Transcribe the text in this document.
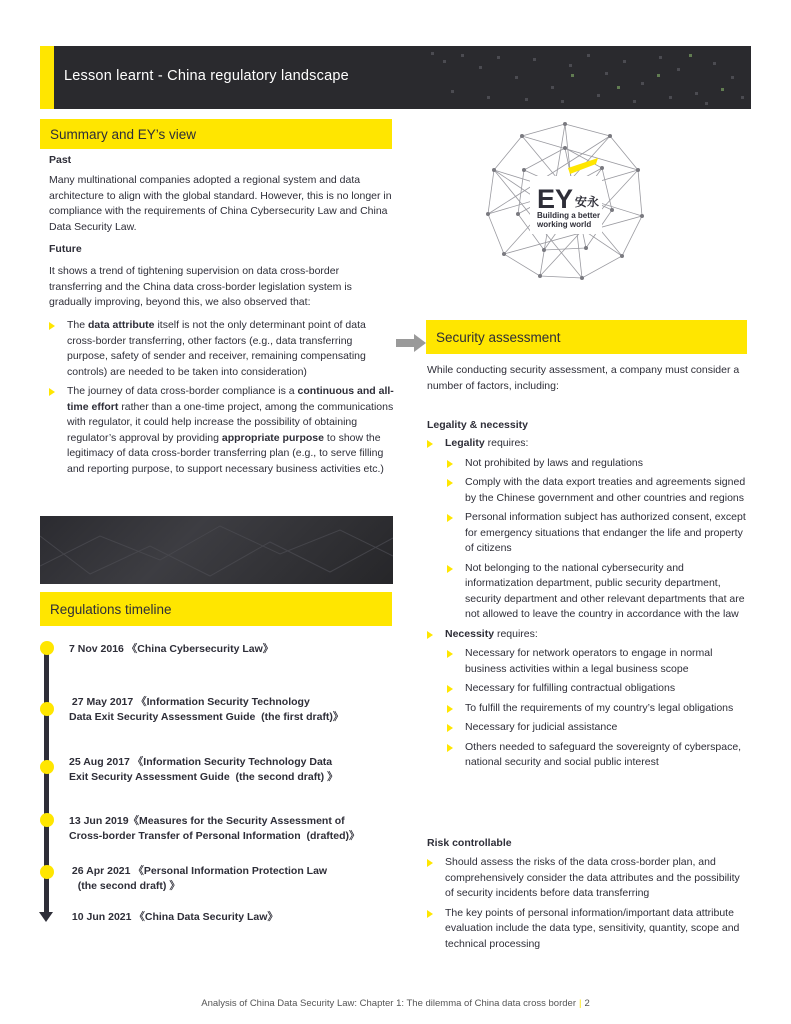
Lesson learnt - China regulatory landscape
Summary and EY’s view
Past
Many multinational companies adopted a regional system and data architecture to align with the global standard. However, this is no longer in compliance with the requirements of China Cybersecurity Law and China Data Security Law.
Future
It shows a trend of tightening supervision on data cross-border transferring and the China data cross-border legislation system is gradually improving, beyond this, we also observed that:
The data attribute itself is not the only determinant point of data cross-border transferring, other factors (e.g., data transferring purpose, safety of sender and receiver, remaining compensating controls) are needed to be taken into consideration)
The journey of data cross-border compliance is a continuous and all-time effort rather than a one-time project, among the communications with regulator, it could help increase the possibility of obtaining regulator’s approval by providing appropriate purpose to show the legitimacy of data cross-border transferring plan (e.g., to serve filling and reporting purpose, to support necessary business activities etc.)
Regulations timeline
7 Nov 2016 《China Cybersecurity Law》
27 May 2017 《Information Security Technology
Data Exit Security Assessment Guide  (the first draft)》
25 Aug 2017 《Information Security Technology Data
Exit Security Assessment Guide  (the second draft) 》
13 Jun 2019《Measures for the Security Assessment of
Cross-border Transfer of Personal Information  (drafted)》
26 Apr 2021 《Personal Information Protection Law
(the second draft) 》
10 Jun 2021 《China Data Security Law》
EY 安永
Building a better
working world
Security assessment
While conducting security assessment, a company must consider a number of factors, including:
Legality & necessity
Legality requires:
Not prohibited by laws and regulations
Comply with the data export treaties and agreements signed by the Chinese government and other countries and regions
Personal information subject has authorized consent, except for emergency situations that endanger the life and property of citizens
Not belonging to the national cybersecurity and informatization department, public security department, security department and other relevant departments that are not allowed to leave the country in accordance with the law
Necessity requires:
Necessary for network operators to engage in normal business activities within a legal business scope
Necessary for fulfilling contractual obligations
To fulfill the requirements of my country’s legal obligations
Necessary for judicial assistance
Others needed to safeguard the sovereignty of cyberspace, national security and social public interest
Risk controllable
Should assess the risks of the data cross-border plan, and comprehensively consider the data attributes and the possibility of security incidents before data transferring
The key points of personal information/important data attribute evaluation include the data type, sensitivity, quantity, scope and technical processing
Analysis of China Data Security Law: Chapter 1: The dilemma of China data cross border | 2
